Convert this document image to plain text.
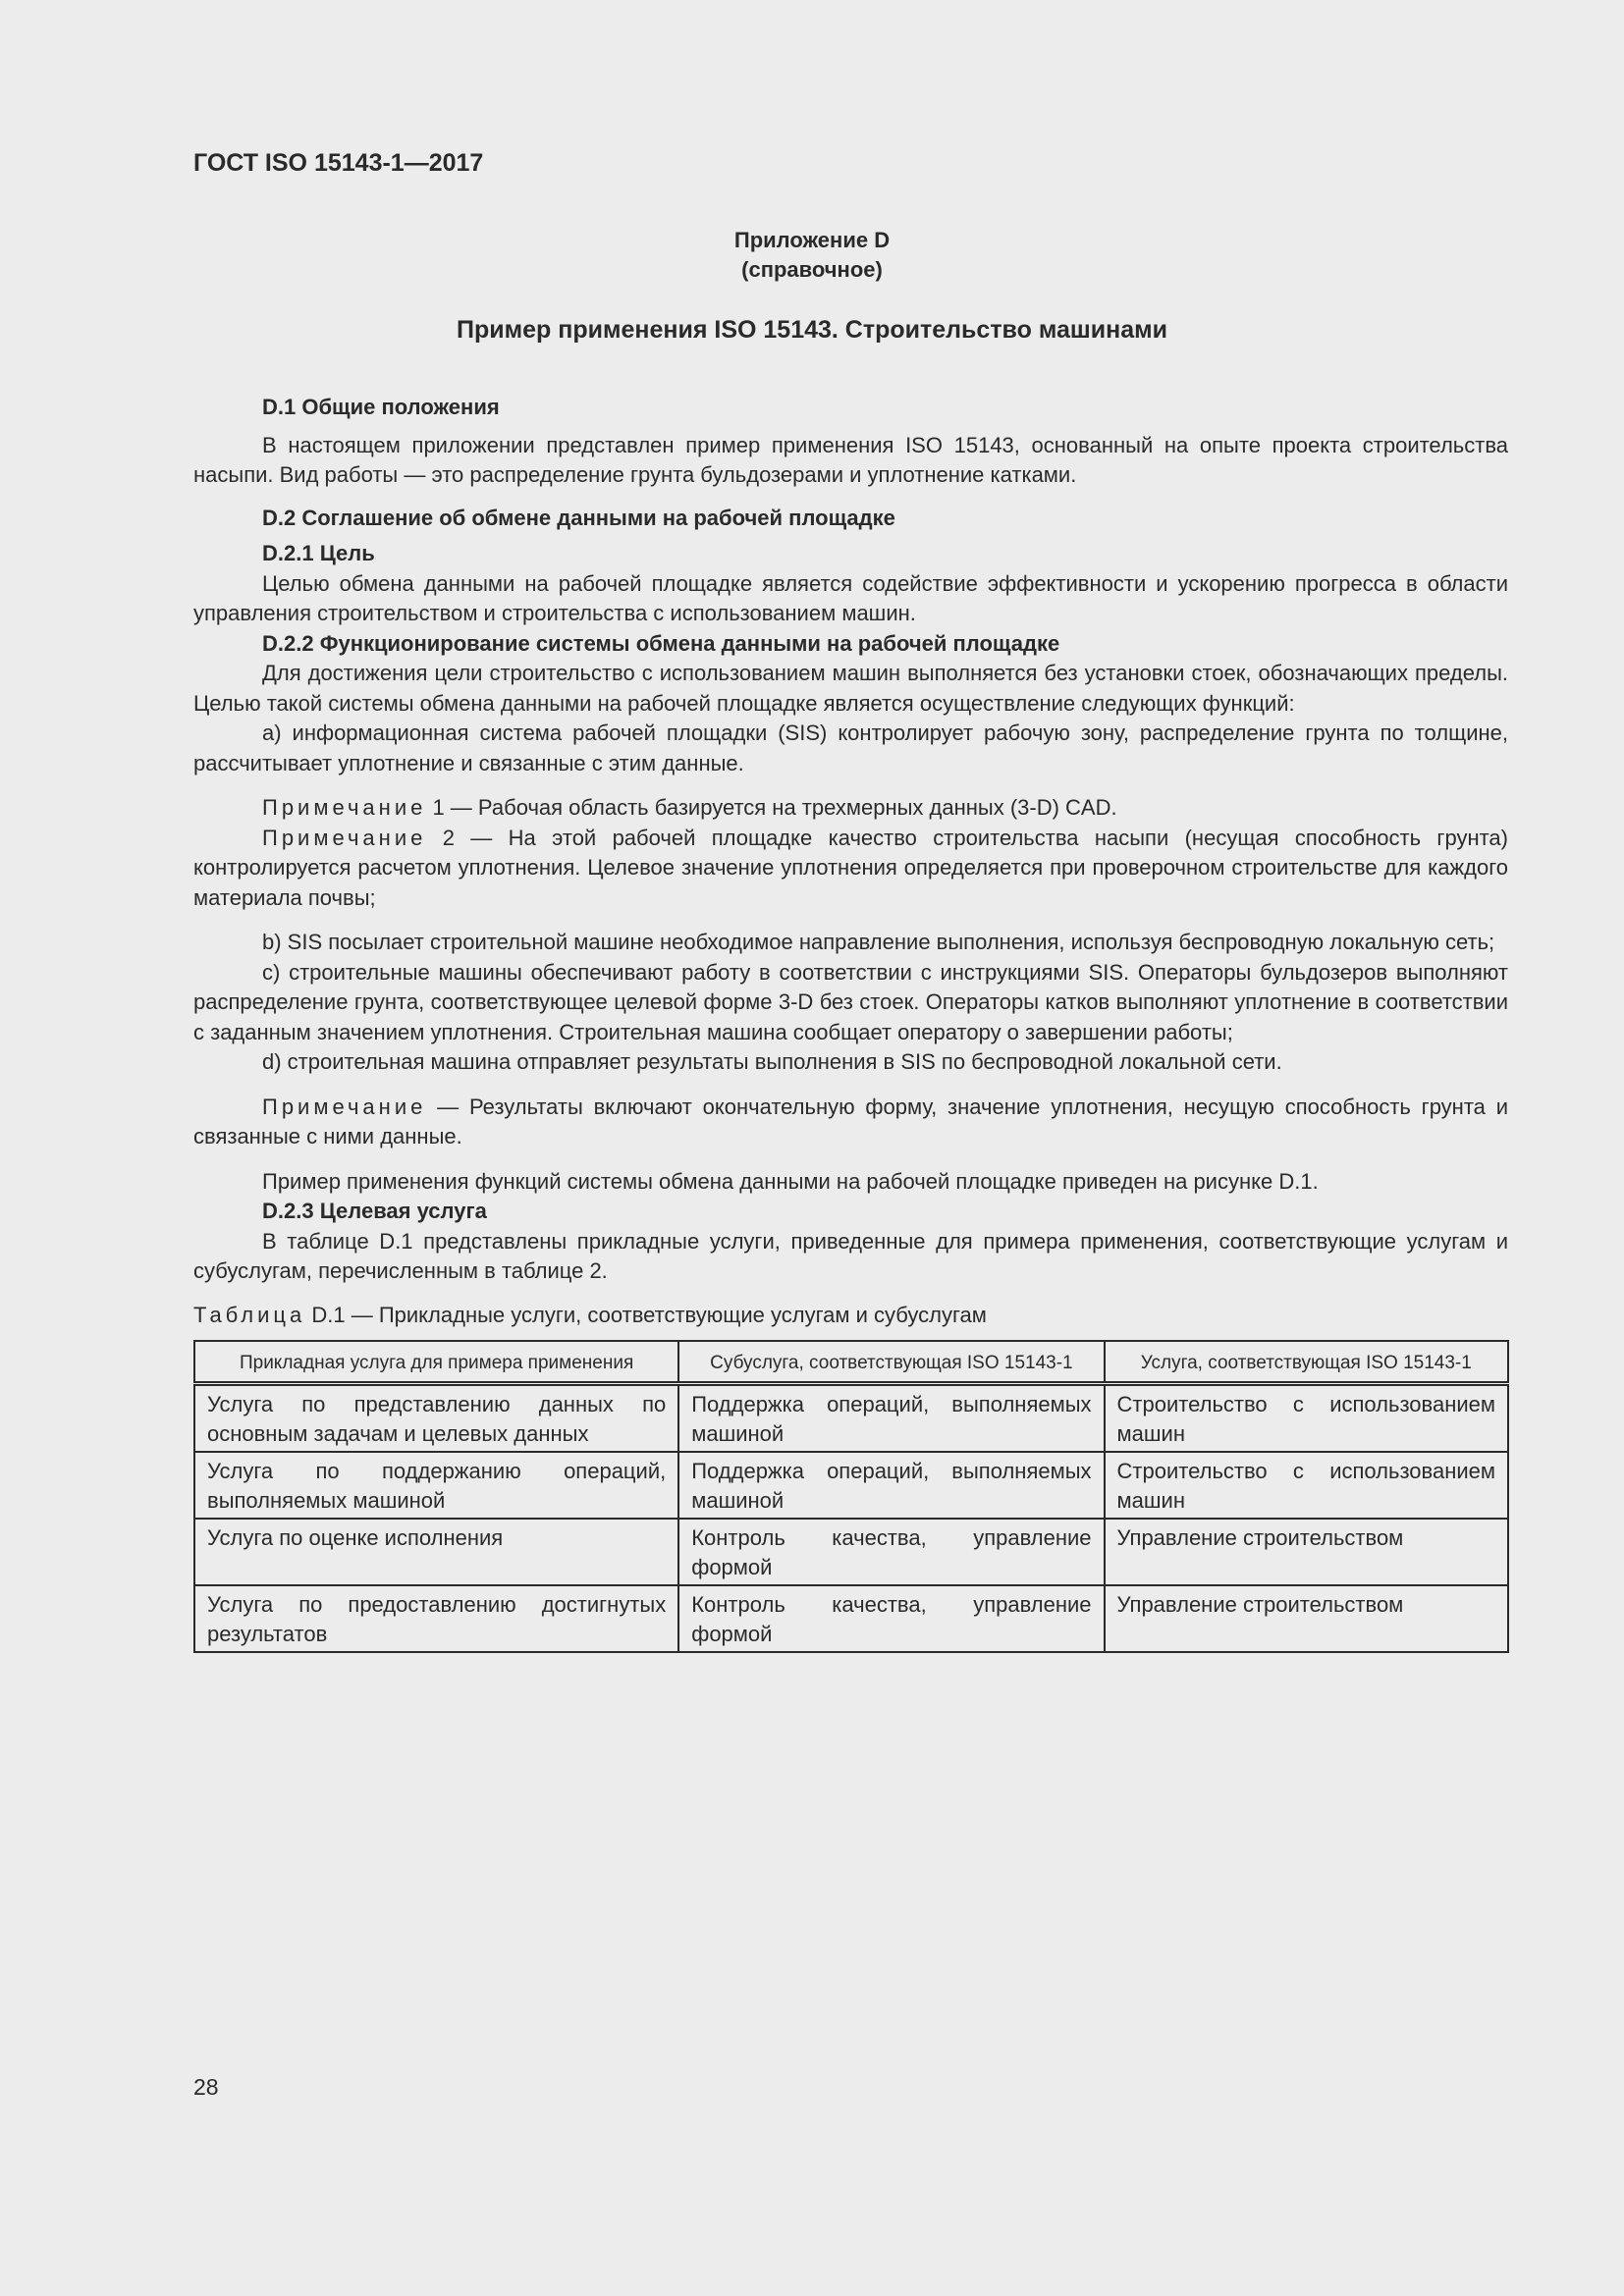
ГОСТ ISO 15143-1—2017
Приложение D
(справочное)
Пример применения ISO 15143. Строительство машинами

D.1 Общие положения

В настоящем приложении представлен пример применения ISO 15143, основанный на опыте проекта строительства насыпи. Вид работы — это распределение грунта бульдозерами и уплотнение катками.

D.2 Соглашение об обмене данными на рабочей площадке

D.2.1 Цель

Целью обмена данными на рабочей площадке является содействие эффективности и ускорению прогресса в области управления строительством и строительства с использованием машин.

D.2.2 Функционирование системы обмена данными на рабочей площадке

Для достижения цели строительство с использованием машин выполняется без установки стоек, обозначающих пределы. Целью такой системы обмена данными на рабочей площадке является осуществление следующих функций:

a) информационная система рабочей площадки (SIS) контролирует рабочую зону, распределение грунта по толщине, рассчитывает уплотнение и связанные с этим данные.

Примечание 1 — Рабочая область базируется на трехмерных данных (3-D) CAD.

Примечание 2 — На этой рабочей площадке качество строительства насыпи (несущая способность грунта) контролируется расчетом уплотнения. Целевое значение уплотнения определяется при проверочном строительстве для каждого материала почвы;

b) SIS посылает строительной машине необходимое направление выполнения, используя беспроводную локальную сеть;

c) строительные машины обеспечивают работу в соответствии с инструкциями SIS. Операторы бульдозеров выполняют распределение грунта, соответствующее целевой форме 3-D без стоек. Операторы катков выполняют уплотнение в соответствии с заданным значением уплотнения. Строительная машина сообщает оператору о завершении работы;

d) строительная машина отправляет результаты выполнения в SIS по беспроводной локальной сети.

Примечание — Результаты включают окончательную форму, значение уплотнения, несущую способность грунта и связанные с ними данные.

Пример применения функций системы обмена данными на рабочей площадке приведен на рисунке D.1.

D.2.3 Целевая услуга

В таблице D.1 представлены прикладные услуги, приведенные для примера применения, соответствующие услугам и субуслугам, перечисленным в таблице 2.

Таблица D.1 — Прикладные услуги, соответствующие услугам и субуслугам

Прикладная услуга для примера применения	Субуслуга, соответствующая ISO 15143-1	Услуга, соответствующая ISO 15143-1
Услуга по представлению данных по основным задачам и целевых данных	Поддержка операций, выполняемых машиной	Строительство с использованием машин
Услуга по поддержанию операций, выполняемых машиной	Поддержка операций, выполняемых машиной	Строительство с использованием машин
Услуга по оценке исполнения	Контроль качества, управление формой	Управление строительством
Услуга по предоставлению достигнутых результатов	Контроль качества, управление формой	Управление строительством
28
